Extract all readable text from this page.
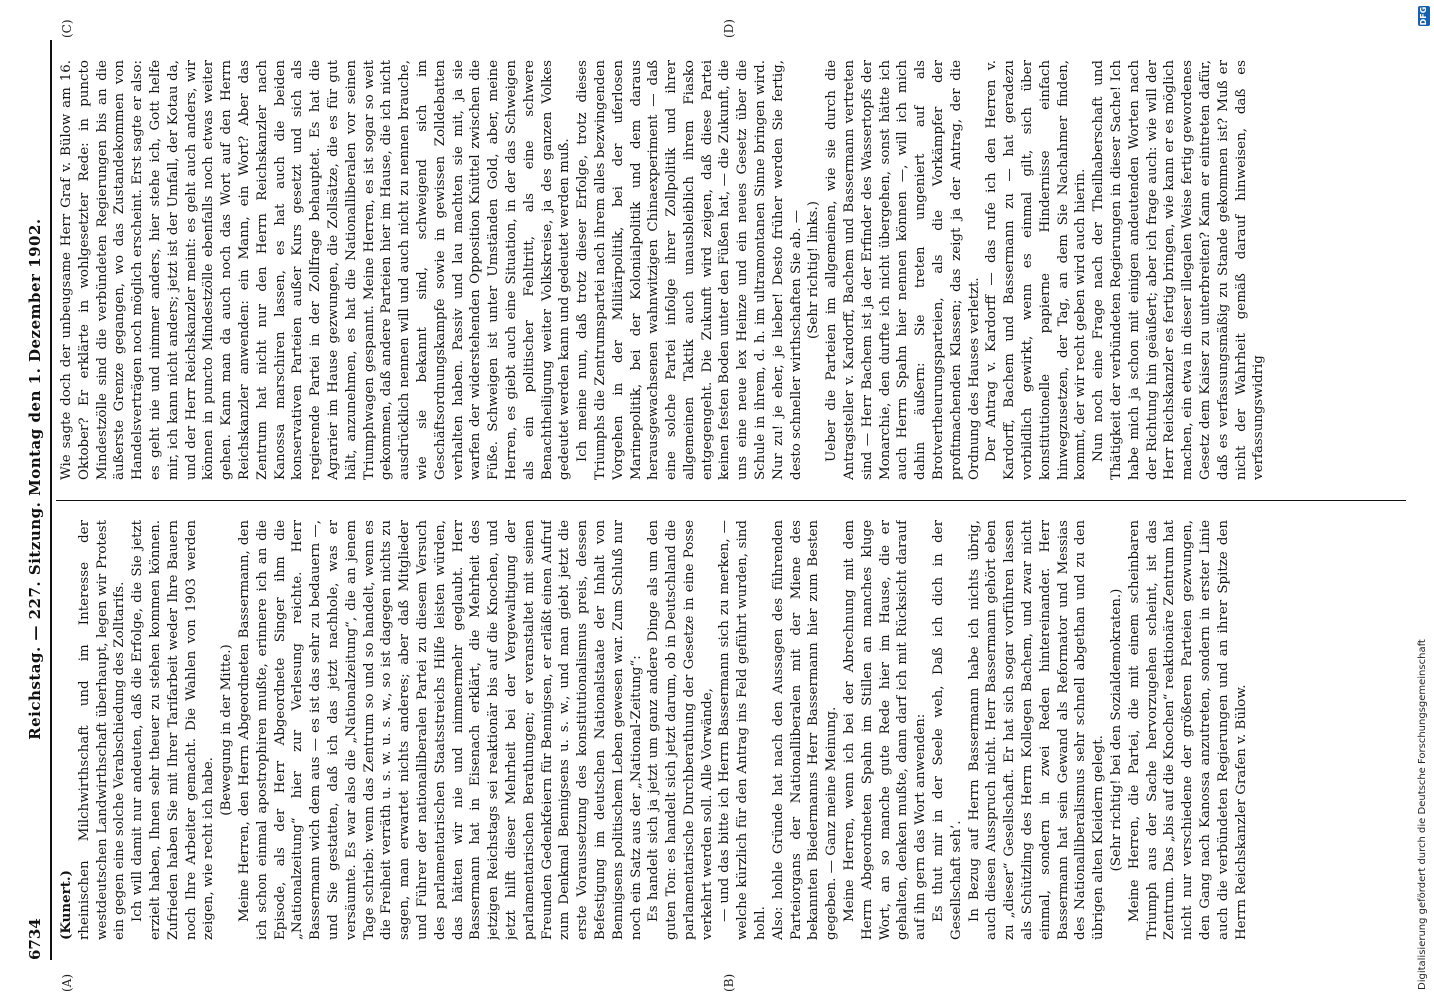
6734
Reichstag. — 227. Sitzung. Montag den 1. Dezember 1902.
(A)	(B)
(C)	(D)

(Kunert.) rheinischen Milchwirthschaft und im Interesse der westdeutschen Landwirthschaft überhaupt, legen wir Protest ein gegen eine solche Verabschiedung des Zolltarifs. Ich will damit nur andeuten, daß die Erfolge, die Sie jetzt erzielt haben, Ihnen sehr theuer zu stehen kommen können. Zufrieden haben Sie mit Ihrer Tarifarbeit weder Ihre Bauern noch Ihre Arbeiter gemacht. Die Wahlen von 1903 werden zeigen, wie recht ich habe.

(Bewegung in der Mitte.) Meine Herren, den Herrn Abgeordneten Bassermann, den ich schon einmal apostrophiren mußte, erinnere ich an die Episode, als der Herr Abgeordnete Singer ihm die „Nationalzeitung“ hier zur Verlesung reichte. Herr Bassermann wich dem aus — es ist das sehr zu bedauern —, und Sie gestatten, daß ich das jetzt nachhole, was er versäumte. Es war also die „Nationalzeitung“, die an jenem Tage schrieb: wenn das Zentrum so und so handelt, wenn es die Freiheit verräth u. s. w. u. s. w., so ist dagegen nichts zu sagen, man erwartet nichts anderes; aber daß Mitglieder und Führer der nationalliberalen Partei zu diesem Versuch des parlamentarischen Staatsstreichs Hilfe leisten würden, das hätten wir nie und nimmermehr geglaubt. Herr Bassermann hat in Eisenach erklärt, die Mehrheit des jetzigen Reichstags sei reaktionär bis auf die Knochen, und jetzt hilft dieser Mehrheit bei der Vergewaltigung der parlamentarischen Berathungen; er veranstaltet mit seinen Freunden Gedenkfeiern für Bennigsen, er erläßt einen Aufruf zum Denkmal Bennigsens u. s. w., und man giebt jetzt die erste Voraussetzung des konstitutionalismus preis, dessen Befestigung im deutschen Nationalstaate der Inhalt von Bennigsens politischem Leben gewesen war. Zum Schluß nur noch ein Satz aus der „National-Zeitung“: Es handelt sich ja jetzt um ganz andere Dinge als um den guten Ton: es handelt sich jetzt darum, ob in Deutschland die parlamentarische Durchberathung der Gesetze in eine Posse verkehrt werden soll. Alle Vorwände, — und das bitte ich Herrn Bassermann sich zu merken, — welche kürzlich für den Antrag ins Feld geführt wurden, sind hohl. Also: hohle Gründe hat nach den Aussagen des führenden Parteiorgans der Nationalliberalen mit der Miene des bekannten Biedermanns Herr Bassermann hier zum Besten gegeben. — Ganz meine Meinung. Meine Herren, wenn ich bei der Abrechnung mit dem Herrn Abgeordneten Spahn im Stillen an manches kluge Wort, an so manche gute Rede hier im Hause, die er gehalten, denken mußte, dann darf ich mit Rücksicht darauf auf ihn gern das Wort anwenden: Es thut mir in der Seele weh, Daß ich dich in der Gesellschaft seh’. In Bezug auf Herrn Bassermann habe ich nichts übrig, auch diesen Ausspruch nicht. Herr Bassermann gehört eben zu „dieser“ Gesellschaft. Er hat sich sogar vorführen lassen als Schützling des Herrn Kollegen Bachem, und zwar nicht einmal, sondern in zwei Reden hintereinander. Herr Bassermann hat sein Gewand als Reformator und Messias des Nationalliberalismus sehr schnell abgethan und zu den übrigen alten Kleidern gelegt. (Sehr richtig! bei den Sozialdemokraten.) Meine Herren, die Partei, die mit einem scheinbaren Triumph aus der Sache hervorzugehen scheint, ist das Zentrum. Das „bis auf die Knochen“ reaktionäre Zentrum hat nicht nur verschiedene der größeren Parteien gezwungen, den Gang nach Kanossa anzutreten, sondern in erster Linie auch die verbündeten Regierungen und an ihrer Spitze den Herrn Reichskanzler Grafen v. Bülow.

Wie sagte doch der unbeugsame Herr Graf v. Bülow am 16. Oktober? Er erklärte in wohlgesetzter Rede: in puncto Mindestzölle sind die verbündeten Regierungen bis an die äußerste Grenze gegangen, wo das Zustandekommen von Handelsverträgen noch möglich erscheint. Erst sagte er also: es geht nie und nimmer anders, hier stehe ich, Gott helfe mir, ich kann nicht anders; jetzt ist der Umfall, der Kotau da, und der Herr Reichskanzler meint: es geht auch anders, wir können in puncto Mindestzölle ebenfalls noch etwas weiter gehen. Kann man da auch noch das Wort auf den Herrn Reichskanzler anwenden: ein Mann, ein Wort? Aber das Zentrum hat nicht nur den Herrn Reichskanzler nach Kanossa marschiren lassen, es hat auch die beiden konservativen Parteien außer Kurs gesetzt und sich als regierende Partei in der Zollfrage behauptet. Es hat die Agrarier im Hause gezwungen, die Zollsätze, die es für gut hält, anzunehmen, es hat die Nationalliberalen vor seinen Triumphwagen gespannt. Meine Herren, es ist sogar so weit gekommen, daß andere Parteien hier im Hause, die ich nicht ausdrücklich nennen will und auch nicht zu nennen brauche, wie sie bekannt sind, schweigend sich im Geschäftsordnungskampfe sowie in gewissen Zolldebatten verhalten haben. Passiv und lau machten sie mit, ja sie warfen der widerstehenden Opposition Knüttel zwischen die Füße. Schweigen ist unter Umständen Gold, aber, meine Herren, es giebt auch eine Situation, in der das Schweigen als ein politischer Fehltritt, als eine schwere Benachtheiligung weiter Volkskreise, ja des ganzen Volkes gedeutet werden kann und gedeutet werden muß. Ich meine nun, daß trotz dieser Erfolge, trotz dieses Triumphs die Zentrumspartei nach ihrem alles bezwingenden Vorgehen in der Militärpolitik, bei der uferlosen Marinepolitik, bei der Kolonialpolitik und dem daraus herausgewachsenen wahnwitzigen Chinaexperiment — daß eine solche Partei infolge ihrer Zollpolitik und ihrer allgemeinen Taktik auch unausbleiblich ihrem Fiasko entgegengeht. Die Zukunft wird zeigen, daß diese Partei keinen festen Boden unter den Füßen hat, — die Zukunft, die uns eine neue lex Heinze und ein neues Gesetz über die Schule in ihrem, d. h. im ultramontanen Sinne bringen wird. Nur zu! je eher, je lieber! Desto früher werden Sie fertig, desto schneller wirthschaften Sie ab. — (Sehr richtig! links.) Ueber die Parteien im allgemeinen, wie sie durch die Antragsteller v. Kardorff, Bachem und Bassermann vertreten sind — Herr Bachem ist ja der Erfinder des Wassertopfs der Monarchie, den durfte ich nicht übergehen, sonst hätte ich auch Herrn Spahn hier nennen können —, will ich mich dahin äußern: Sie treten ungeniert auf als Brotvertheurungsparteien, als die Vorkämpfer der profitmachenden Klassen; das zeigt ja der Antrag, der die Ordnung des Hauses verletzt. Der Antrag v. Kardorff — das rufe ich den Herren v. Kardorff, Bachem und Bassermann zu — hat geradezu vorbildlich gewirkt, wenn es einmal gilt, sich über konstitutionelle papierne Hindernisse einfach hinwegzusetzen, der Tag, an dem Sie Nachahmer finden, kommt, der wir recht geben wird auch hierin. Nun noch eine Frage nach der Theilhaberschaft und Thätigkeit der verbündeten Regierungen in dieser Sache! Ich habe mich ja schon mit einigen andeutenden Worten nach der Richtung hin geäußert; aber ich frage auch: wie will der Herr Reichskanzler es fertig bringen, wie kann er es möglich machen, ein etwa in dieser illegalen Weise fertig gewordenes Gesetz dem Kaiser zu unterbreiten? Kann er eintreten dafür, daß es verfassungsmäßig zu Stande gekommen ist? Muß er nicht der Wahrheit gemäß darauf hinweisen, daß es verfassungswidrig

DFG
Digitalisierung gefördert durch die Deutsche Forschungsgemeinschaft
